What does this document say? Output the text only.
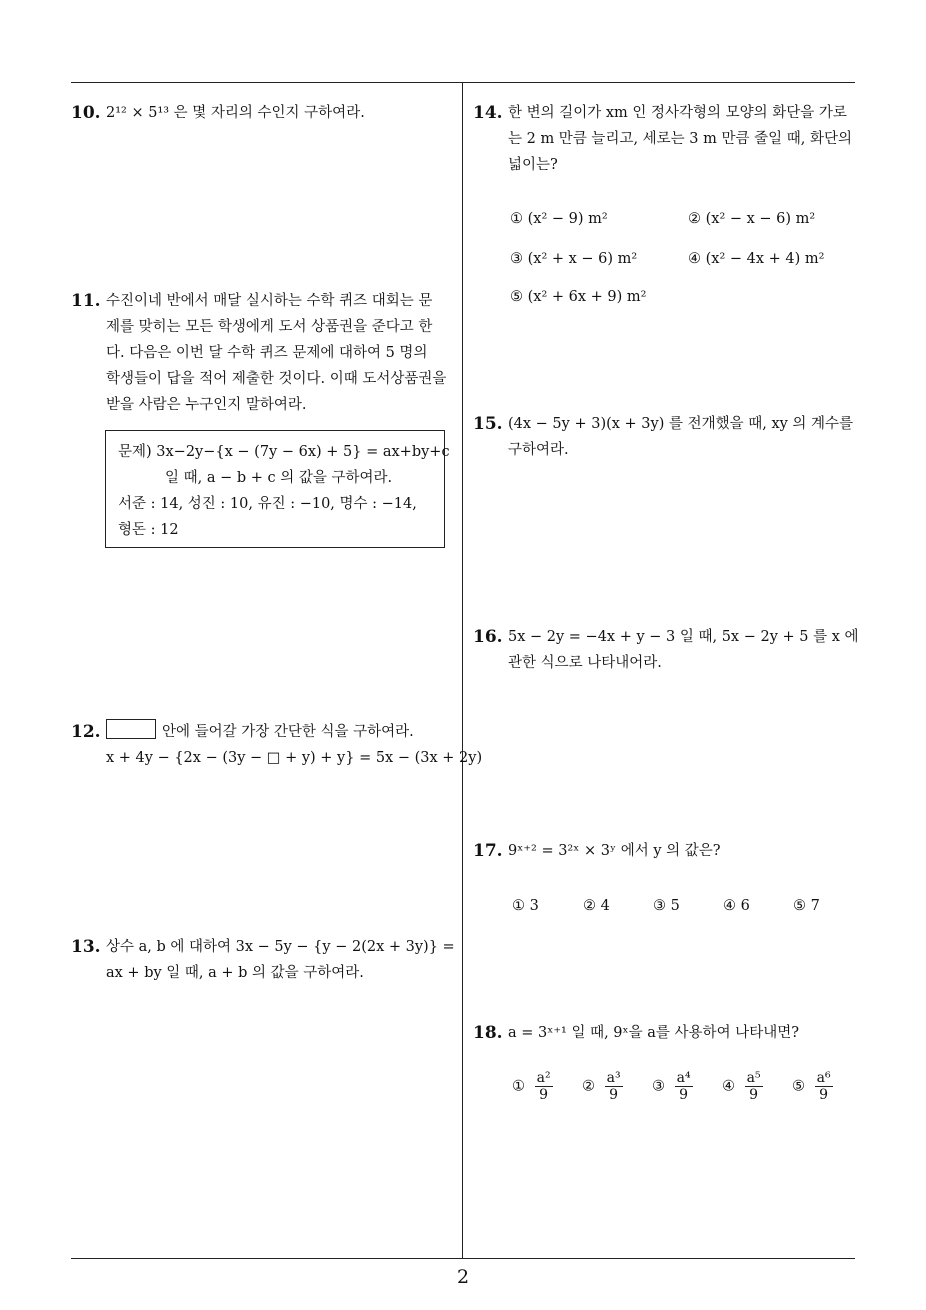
10. 2¹² × 5¹³ 은 몇 자리의 수인지 구하여라.
11. 수진이네 반에서 매달 실시하는 수학 퀴즈 대회는 문
제를 맞히는 모든 학생에게 도서 상품권을 준다고 한
다. 다음은 이번 달 수학 퀴즈 문제에 대하여 5 명의
학생들이 답을 적어 제출한 것이다. 이때 도서상품권을
받을 사람은 누구인지 말하여라.
문제) 3x−2y−{x − (7y − 6x) + 5} = ax+by+c
일 때, a − b + c 의 값을 구하여라.
서준 : 14, 성진 : 10, 유진 : −10, 명수 : −14,
형돈 : 12
12.	안에 들어갈 가장 간단한 식을 구하여라.
x + 4y − {2x − (3y − □ + y) + y} = 5x − (3x + 2y)
13. 상수 a, b 에 대하여 3x − 5y − {y − 2(2x + 3y)} =
ax + by 일 때, a + b 의 값을 구하여라.
14. 한 변의 길이가 xm 인 정사각형의 모양의 화단을 가로
는 2 m 만큼 늘리고, 세로는 3 m 만큼 줄일 때, 화단의
넓이는?
① (x² − 9) m²	② (x² − x − 6) m²
③ (x² + x − 6) m²	④ (x² − 4x + 4) m²
⑤ (x² + 6x + 9) m²
15. (4x − 5y + 3)(x + 3y) 를 전개했을 때, xy 의 계수를
구하여라.
16. 5x − 2y = −4x + y − 3 일 때, 5x − 2y + 5 를 x 에
관한 식으로 나타내어라.
17. 9ˣ⁺² = 3²ˣ × 3ʸ 에서 y 의 값은?
① 3	② 4	③ 5	④ 6	⑤ 7
18. a = 3ˣ⁺¹ 일 때, 9ˣ을 a를 사용하여 나타내면?
① $\frac{\text{a²}}{9}$ ② $\frac{\text{a³}}{9}$ ③ $\frac{\text{a⁴}}{9}$ ④ $\frac{\text{a⁵}}{9}$ ⑤ $\frac{\text{a⁶}}{9}$
2
